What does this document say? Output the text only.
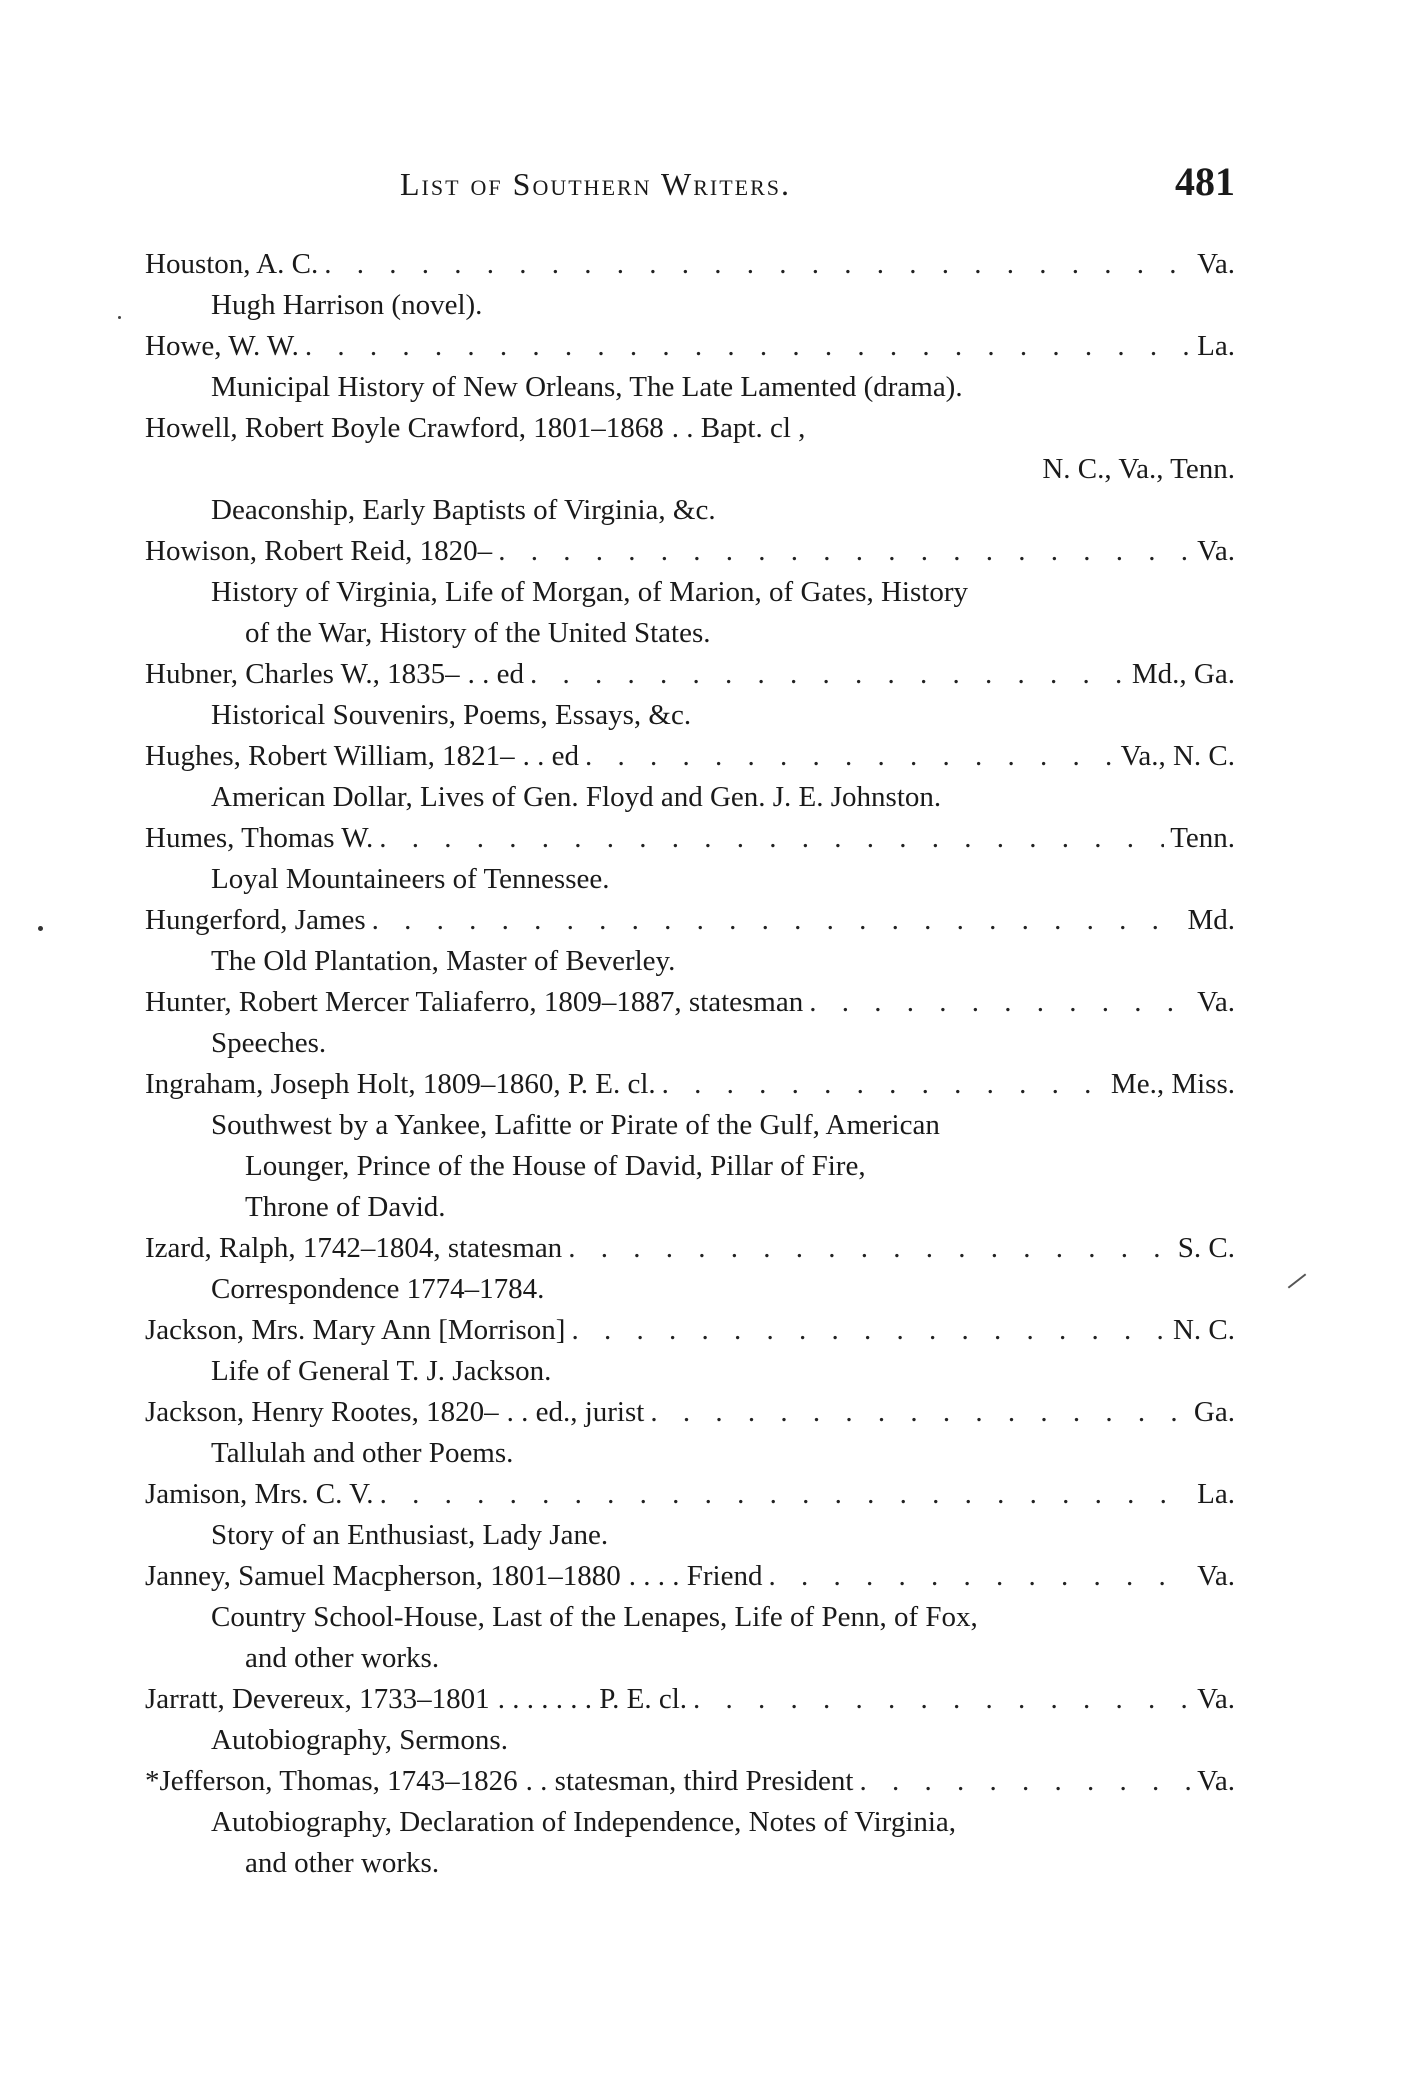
List of Southern Writers.	481
Houston, A. C. . . .	Va.
Hugh Harrison (novel).
Howe, W. W. . . .	La.
Municipal History of New Orleans, The Late Lamented (drama).
Howell, Robert Boyle Crawford, 1801–1868 . . Bapt. cl ,
N. C., Va., Tenn.
Deaconship, Early Baptists of Virginia, &c.
Howison, Robert Reid, 1820– . . .	Va.
History of Virginia, Life of Morgan, of Marion, of Gates, History
of the War, History of the United States.
Hubner, Charles W., 1835– . . ed . . .	Md., Ga.
Historical Souvenirs, Poems, Essays, &c.
Hughes, Robert William, 1821– . . ed . . .	Va., N. C.
American Dollar, Lives of Gen. Floyd and Gen. J. E. Johnston.
Humes, Thomas W. . . .	Tenn.
Loyal Mountaineers of Tennessee.
Hungerford, James . . .	Md.
The Old Plantation, Master of Beverley.
Hunter, Robert Mercer Taliaferro, 1809–1887, statesman . . .	Va.
Speeches.
Ingraham, Joseph Holt, 1809–1860, P. E. cl. . . .	Me., Miss.
Southwest by a Yankee, Lafitte or Pirate of the Gulf, American
Lounger, Prince of the House of David, Pillar of Fire,
Throne of David.
Izard, Ralph, 1742–1804, statesman . . .	S. C.
Correspondence 1774–1784.
Jackson, Mrs. Mary Ann [Morrison] . . .	N. C.
Life of General T. J. Jackson.
Jackson, Henry Rootes, 1820– . . ed., jurist . . .	Ga.
Tallulah and other Poems.
Jamison, Mrs. C. V. . . .	La.
Story of an Enthusiast, Lady Jane.
Janney, Samuel Macpherson, 1801–1880 . . . . Friend . . .	Va.
Country School-House, Last of the Lenapes, Life of Penn, of Fox,
and other works.
Jarratt, Devereux, 1733–1801 . . . . . . . P. E. cl. . . .	Va.
Autobiography, Sermons.
*Jefferson, Thomas, 1743–1826 . . statesman, third President . . .	Va.
Autobiography, Declaration of Independence, Notes of Virginia,
and other works.
